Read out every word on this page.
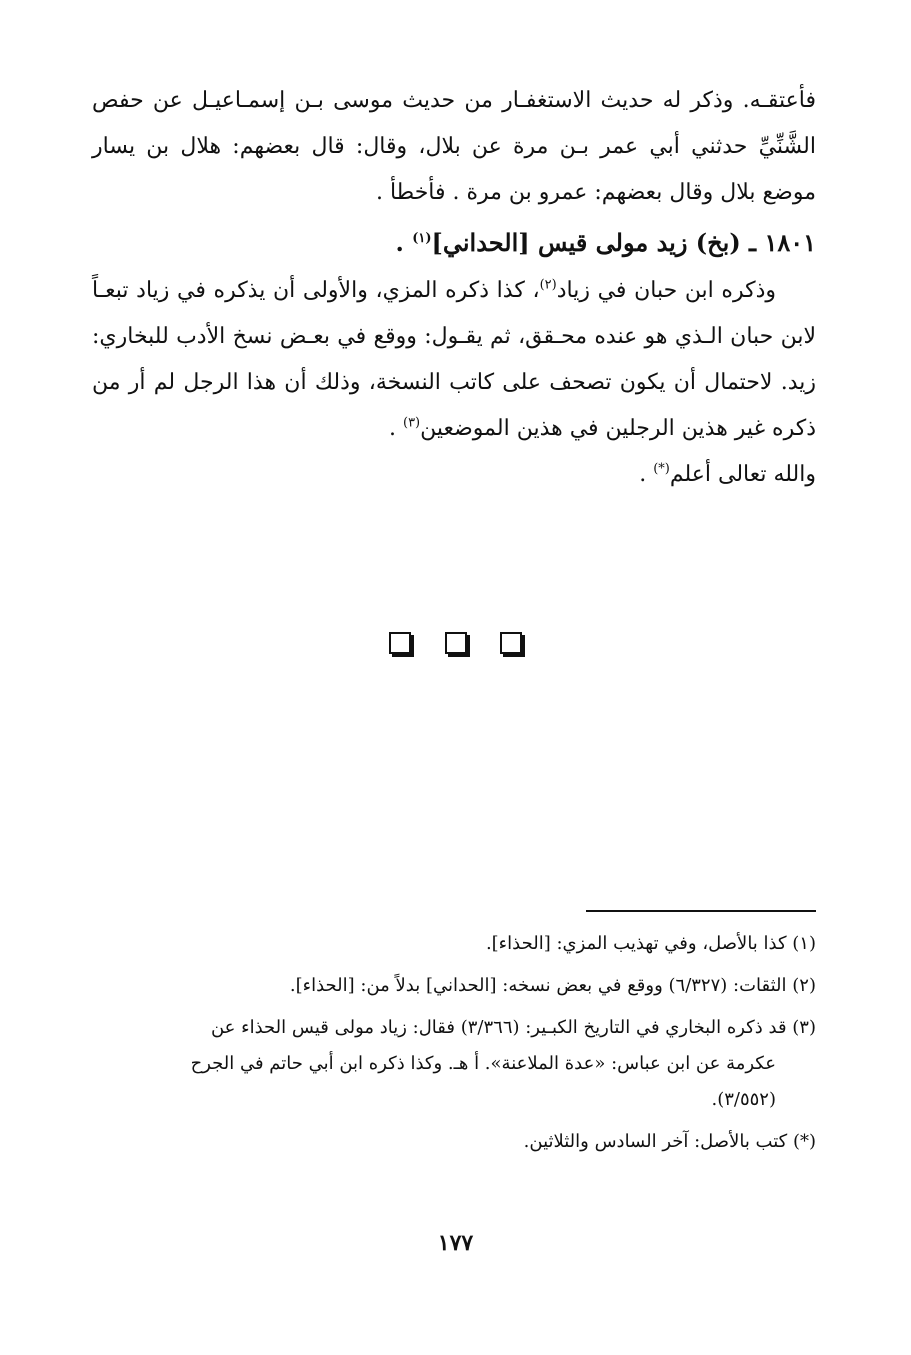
فأعتقـه. وذكر له حديث الاستغفـار من حديث موسى بـن إسمـاعيـل عن حفص الشَّنِّيِّ حدثني أبي عمر بـن مرة عن بلال، وقال: قال بعضهم: هلال بن يسار موضع بلال وقال بعضهم: عمرو بن مرة . فأخطأ .

١٨٠١ ـ (بخ) زيد مولى قيس [الحداني]$^{(١)}$ .

وذكره ابن حبان في زياد$^{(٢)}$، كذا ذكره المزي، والأولى أن يذكره في زياد تبعـاً لابن حبان الـذي هو عنده محـقق، ثم يقـول: ووقع في بعـض نسخ الأدب للبخاري: زيد. لاحتمال أن يكون تصحف على كاتب النسخة، وذلك أن هذا الرجل لم أر من ذكره غير هذين الرجلين في هذين الموضعين$^{(٣)}$ .

والله تعالى أعلم(*) .

(١) كذا بالأصل، وفي تهذيب المزي: [الحذاء].

(٢) الثقات: (٦/٣٢٧) ووقع في بعض نسخه: [الحداني] بدلاً من: [الحذاء].

(٣) قد ذكره البخاري في التاريخ الكبـير: (٣/٣٦٦) فقال: زياد مولى قيس الحذاء عن

عكرمة عن ابن عباس: «عدة الملاعنة». أ هـ. وكذا ذكره ابن أبي حاتم في الجرح

(٣/٥٥٢).

(*) كتب بالأصل: آخر السادس والثلاثين.

١٧٧
